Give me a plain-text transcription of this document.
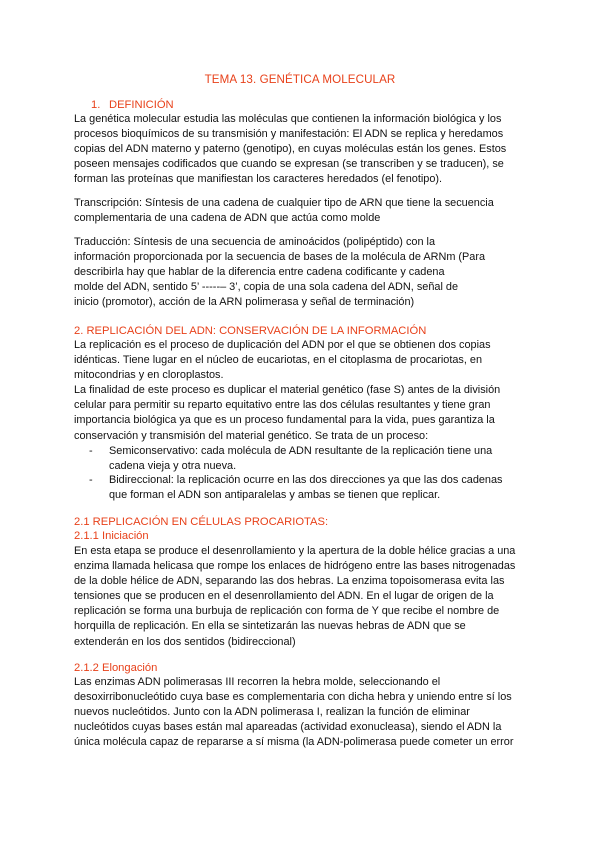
TEMA 13. GENÉTICA MOLECULAR
1. DEFINICIÓN
La genética molecular estudia las moléculas que contienen la información biológica y los
procesos bioquímicos de su transmisión y manifestación: El ADN se replica y heredamos
copias del ADN materno y paterno (genotipo), en cuyas moléculas están los genes. Estos
poseen mensajes codificados que cuando se expresan (se transcriben y se traducen), se
forman las proteínas que manifiestan los caracteres heredados (el fenotipo).
Transcripción: Síntesis de una cadena de cualquier tipo de ARN que tiene la secuencia
complementaria de una cadena de ADN que actúa como molde
Traducción: Síntesis de una secuencia de aminoácidos (polipéptido) con la
información proporcionada por la secuencia de bases de la molécula de ARNm (Para
describirla hay que hablar de la diferencia entre cadena codificante y cadena
molde del ADN, sentido 5’ -----– 3’, copia de una sola cadena del ADN, señal de
inicio (promotor), acción de la ARN polimerasa y señal de terminación)
2. REPLICACIÓN DEL ADN: CONSERVACIÓN DE LA INFORMACIÓN
La replicación es el proceso de duplicación del ADN por el que se obtienen dos copias
idénticas. Tiene lugar en el núcleo de eucariotas, en el citoplasma de procariotas, en
mitocondrias y en cloroplastos.
La finalidad de este proceso es duplicar el material genético (fase S) antes de la división
celular para permitir su reparto equitativo entre las dos células resultantes y tiene gran
importancia biológica ya que es un proceso fundamental para la vida, pues garantiza la
conservación y transmisión del material genético. Se trata de un proceso:
- Semiconservativo: cada molécula de ADN resultante de la replicación tiene una
cadena vieja y otra nueva.
- Bidireccional: la replicación ocurre en las dos direcciones ya que las dos cadenas
que forman el ADN son antiparalelas y ambas se tienen que replicar.
2.1 REPLICACIÓN EN CÉLULAS PROCARIOTAS:
2.1.1 Iniciación
En esta etapa se produce el desenrollamiento y la apertura de la doble hélice gracias a una
enzima llamada helicasa que rompe los enlaces de hidrógeno entre las bases nitrogenadas
de la doble hélice de ADN, separando las dos hebras. La enzima topoisomerasa evita las
tensiones que se producen en el desenrollamiento del ADN. En el lugar de origen de la
replicación se forma una burbuja de replicación con forma de Y que recibe el nombre de
horquilla de replicación. En ella se sintetizarán las nuevas hebras de ADN que se
extenderán en los dos sentidos (bidireccional)
2.1.2 Elongación
Las enzimas ADN polimerasas III recorren la hebra molde, seleccionando el
desoxirribonucleótido cuya base es complementaria con dicha hebra y uniendo entre sí los
nuevos nucleótidos. Junto con la ADN polimerasa I, realizan la función de eliminar
nucleótidos cuyas bases están mal apareadas (actividad exonucleasa), siendo el ADN la
única molécula capaz de repararse a sí misma (la ADN-polimerasa puede cometer un error
